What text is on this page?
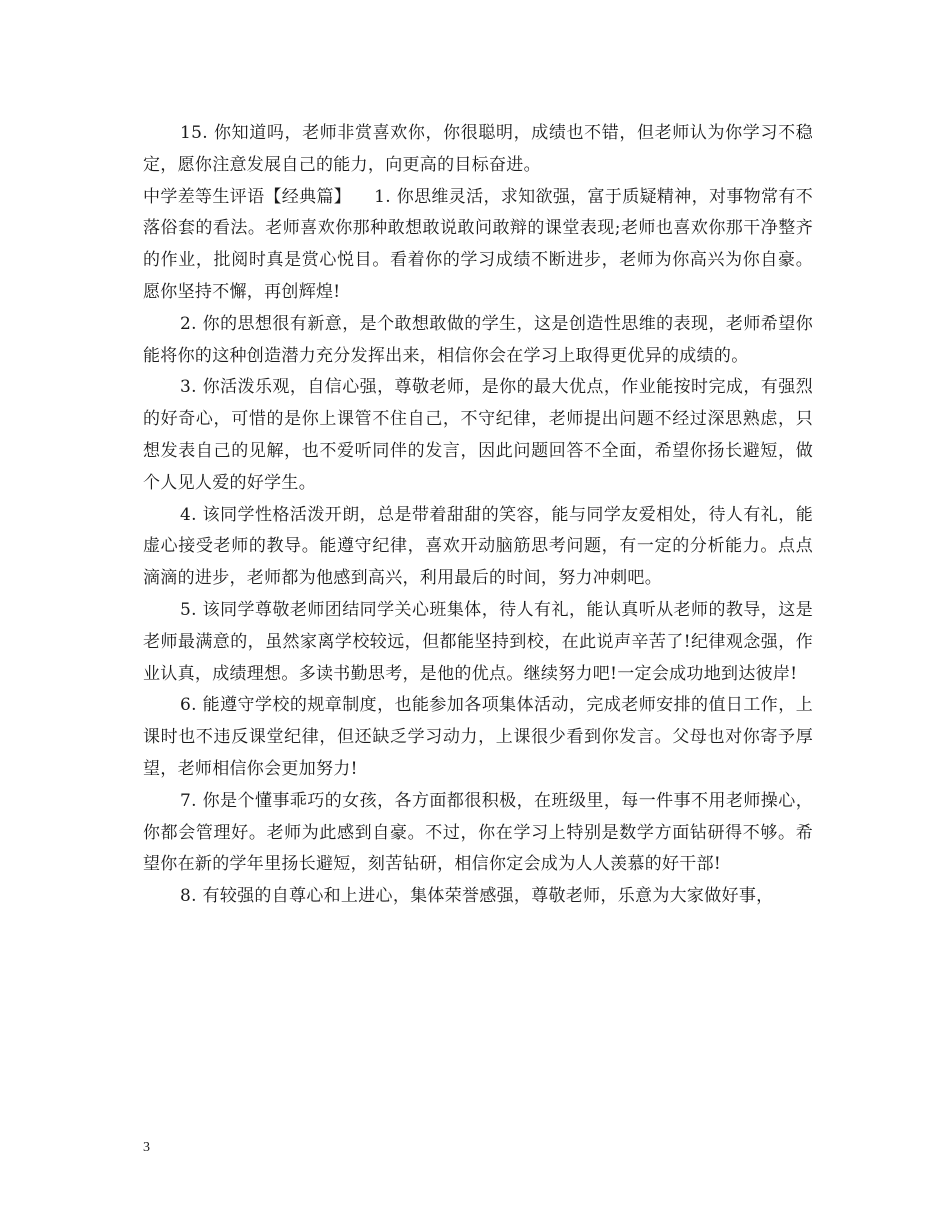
15. 你知道吗，老师非赏喜欢你，你很聪明，成绩也不错，但老师认为你学习不稳定，愿你注意发展自己的能力，向更高的目标奋进。

中学差等生评语【经典篇】    1. 你思维灵活，求知欲强，富于质疑精神，对事物常有不落俗套的看法。老师喜欢你那种敢想敢说敢问敢辩的课堂表现;老师也喜欢你那干净整齐的作业，批阅时真是赏心悦目。看着你的学习成绩不断进步，老师为你高兴为你自豪。愿你坚持不懈，再创辉煌!

2. 你的思想很有新意，是个敢想敢做的学生，这是创造性思维的表现，老师希望你能将你的这种创造潜力充分发挥出来，相信你会在学习上取得更优异的成绩的。

3. 你活泼乐观，自信心强，尊敬老师，是你的最大优点，作业能按时完成，有强烈的好奇心，可惜的是你上课管不住自己，不守纪律，老师提出问题不经过深思熟虑，只想发表自己的见解，也不爱听同伴的发言，因此问题回答不全面，希望你扬长避短，做个人见人爱的好学生。

4. 该同学性格活泼开朗，总是带着甜甜的笑容，能与同学友爱相处，待人有礼，能虚心接受老师的教导。能遵守纪律，喜欢开动脑筋思考问题，有一定的分析能力。点点滴滴的进步，老师都为他感到高兴，利用最后的时间，努力冲刺吧。

5. 该同学尊敬老师团结同学关心班集体，待人有礼，能认真听从老师的教导，这是老师最满意的，虽然家离学校较远，但都能坚持到校，在此说声辛苦了!纪律观念强，作业认真，成绩理想。多读书勤思考，是他的优点。继续努力吧!一定会成功地到达彼岸!

6. 能遵守学校的规章制度，也能参加各项集体活动，完成老师安排的值日工作，上课时也不违反课堂纪律，但还缺乏学习动力，上课很少看到你发言。父母也对你寄予厚望，老师相信你会更加努力!

7. 你是个懂事乖巧的女孩，各方面都很积极，在班级里，每一件事不用老师操心，你都会管理好。老师为此感到自豪。不过，你在学习上特别是数学方面钻研得不够。希望你在新的学年里扬长避短，刻苦钻研，相信你定会成为人人羡慕的好干部!

8. 有较强的自尊心和上进心，集体荣誉感强，尊敬老师，乐意为大家做好事，

3
